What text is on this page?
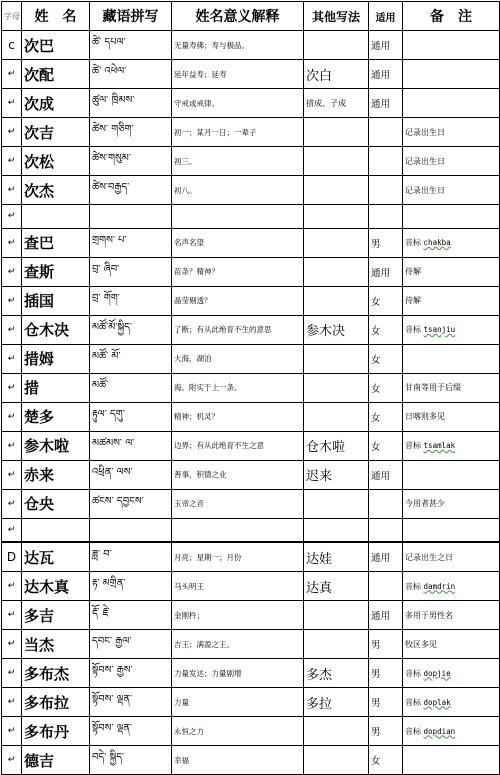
字母	姓　名	藏语拼写	姓名意义解释	其他写法	适用	备　注
c	次巴	ཚེ་ དཔལ་	无量寿佛；寿与极品。		通用	
↵	次配	ཚེ་ འཕེལ་	延年益寿；延寿	次白	通用	
↵	次成	ཚུལ་ ཁྲིམས་	守戒或戒律。	措成、子成	通用	
↵	次吉	ཚེས་ གཅིག་	初一；某月一日；一辈子			记录出生日
↵	次松	ཚེས་གསུམ་	初三。			记录出生日
↵	次杰	ཚེས་བརྒྱད་	初八。			记录出生日
↵						
↵	查巴	གྲགས་ པ་	名声名望		男	音标 chakba
↵	查斯	བྲ་ ཞིབ་	苗条？精神？		通用	待解
↵	插国	བྲ་ གོག་	晶莹剔透？		女	待解
↵	仓木决	མཚོ་མོ་སྐྱིད་	了断；有从此绝育不生的意思	参木决	女	音标 tsanjiu
↵	措姆	མཚོ་ མོ་	大海，湖泊		女	
↵	措	མཚོ་	海。附实于上一条。		女	甘南等用于后缀
↵	楚多	རྟུལ་ དགུ་	精神；机灵？		女	日喀则多见
↵	参木啦	མཚམས་ ལ་	边界；有从此绝育不生之意	仓木啦	女	音标 tsamlak
↵	赤来	འཕྲིན་ ལས་	善事，积德之业	迟来	通用	
↵	仓央	ཚངས་ དབྱངས་	玉帝之音			今用者甚少
↵						
D	达瓦	ཟླ་ བ་	月亮；星期一；月份	达娃	通用	记录出生之日
↵	达木真	རྟ་ མགྲིན་	马头明王	达真		音标 damdrin
↵	多吉	རྡོ་ རྗེ་	金刚杵；		通用	多用于男性名
↵	当杰	དབང་ རྒྱལ་	吉王；满盈之王。		男	牧区多见
↵	多布杰	སྟོབས་ རྒྱས་	力量发达；力量剧增	多杰	男	音标 dopjie
↵	多布拉	སྟོབས་ ལྡན་	力量	多拉	男	音标 doplak
↵	多布丹	སྟོབས་ ལྡན་	永恒之力		男	音标 dopdian
↵	德吉	བདེ་ སྐྱིད་	幸福		女	
